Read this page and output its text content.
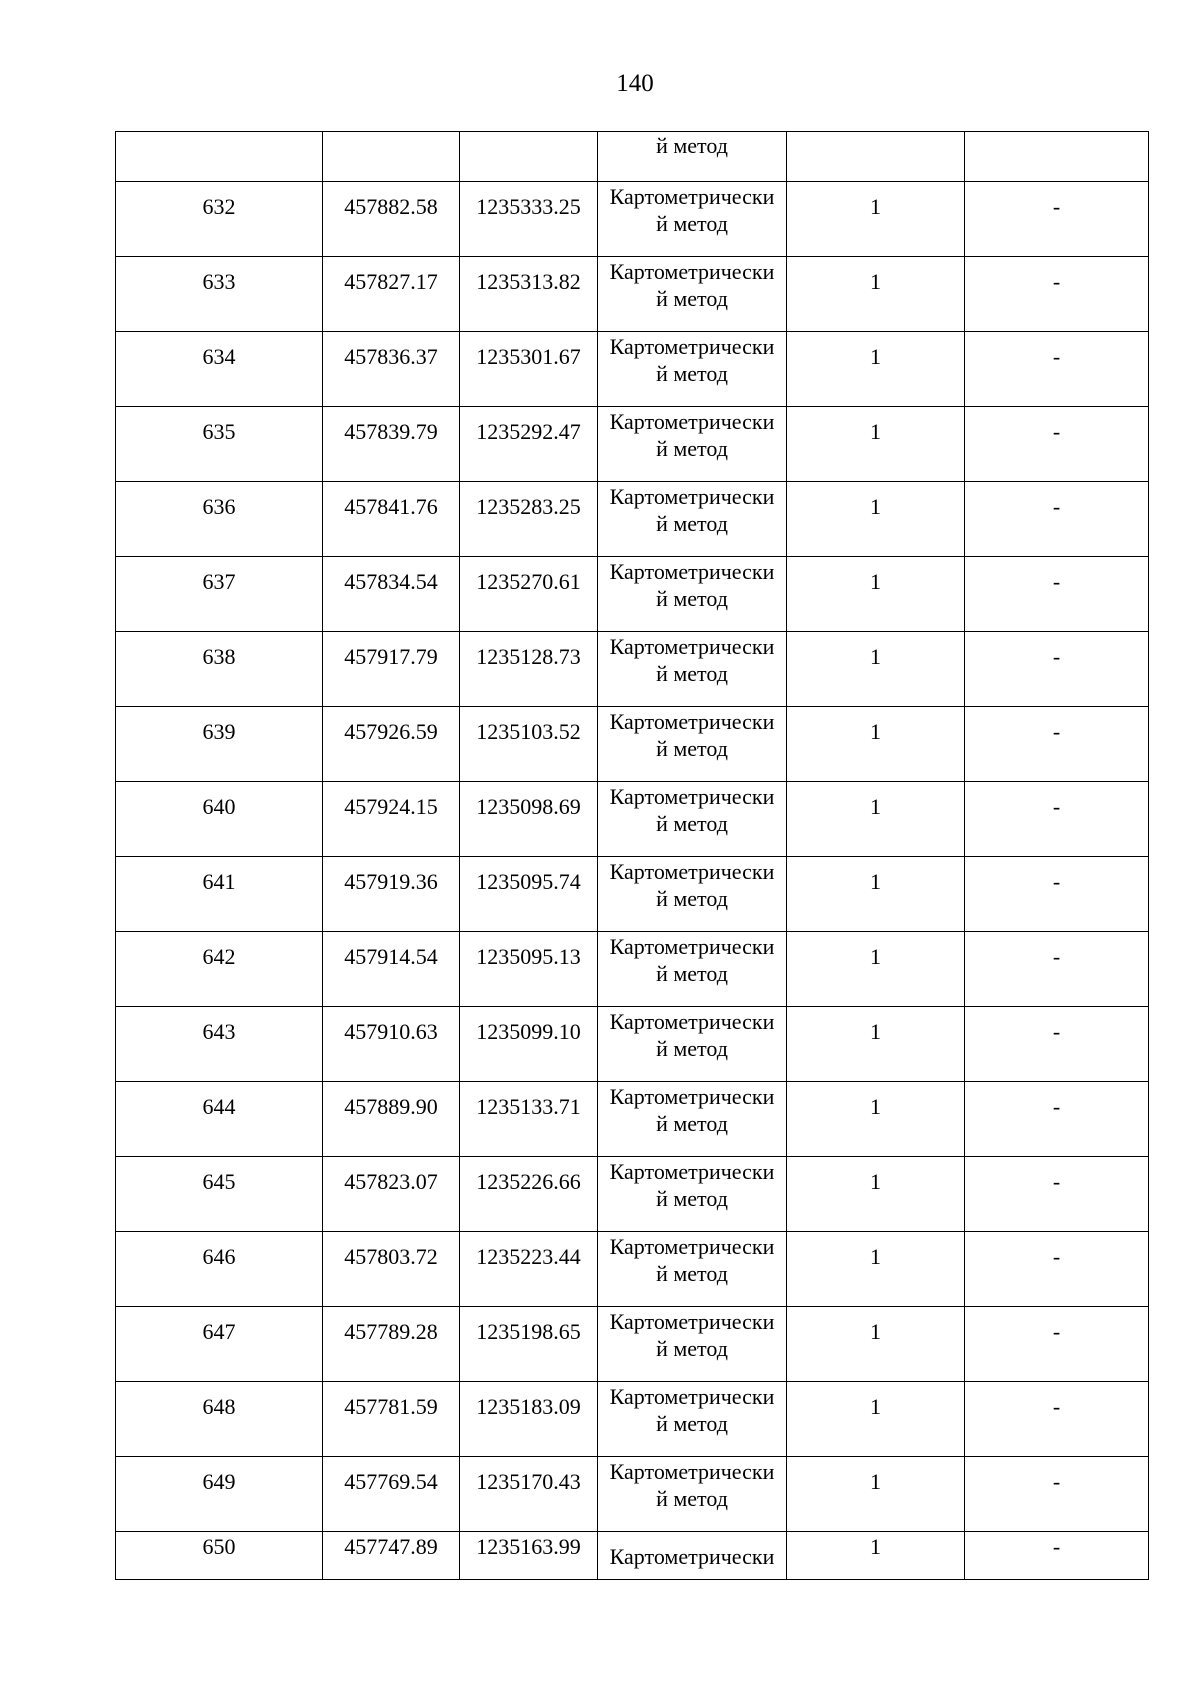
140

			й метод		

632	457882.58	1235333.25	Картометрически
й метод	1	-

633	457827.17	1235313.82	Картометрически
й метод	1	-

634	457836.37	1235301.67	Картометрически
й метод	1	-

635	457839.79	1235292.47	Картометрически
й метод	1	-

636	457841.76	1235283.25	Картометрически
й метод	1	-

637	457834.54	1235270.61	Картометрически
й метод	1	-

638	457917.79	1235128.73	Картометрически
й метод	1	-

639	457926.59	1235103.52	Картометрически
й метод	1	-

640	457924.15	1235098.69	Картометрически
й метод	1	-

641	457919.36	1235095.74	Картометрически
й метод	1	-

642	457914.54	1235095.13	Картометрически
й метод	1	-

643	457910.63	1235099.10	Картометрически
й метод	1	-

644	457889.90	1235133.71	Картометрически
й метод	1	-

645	457823.07	1235226.66	Картометрически
й метод	1	-

646	457803.72	1235223.44	Картометрически
й метод	1	-

647	457789.28	1235198.65	Картометрически
й метод	1	-

648	457781.59	1235183.09	Картометрически
й метод	1	-

649	457769.54	1235170.43	Картометрически
й метод	1	-

650	457747.89	1235163.99	Картометрически	1	-
